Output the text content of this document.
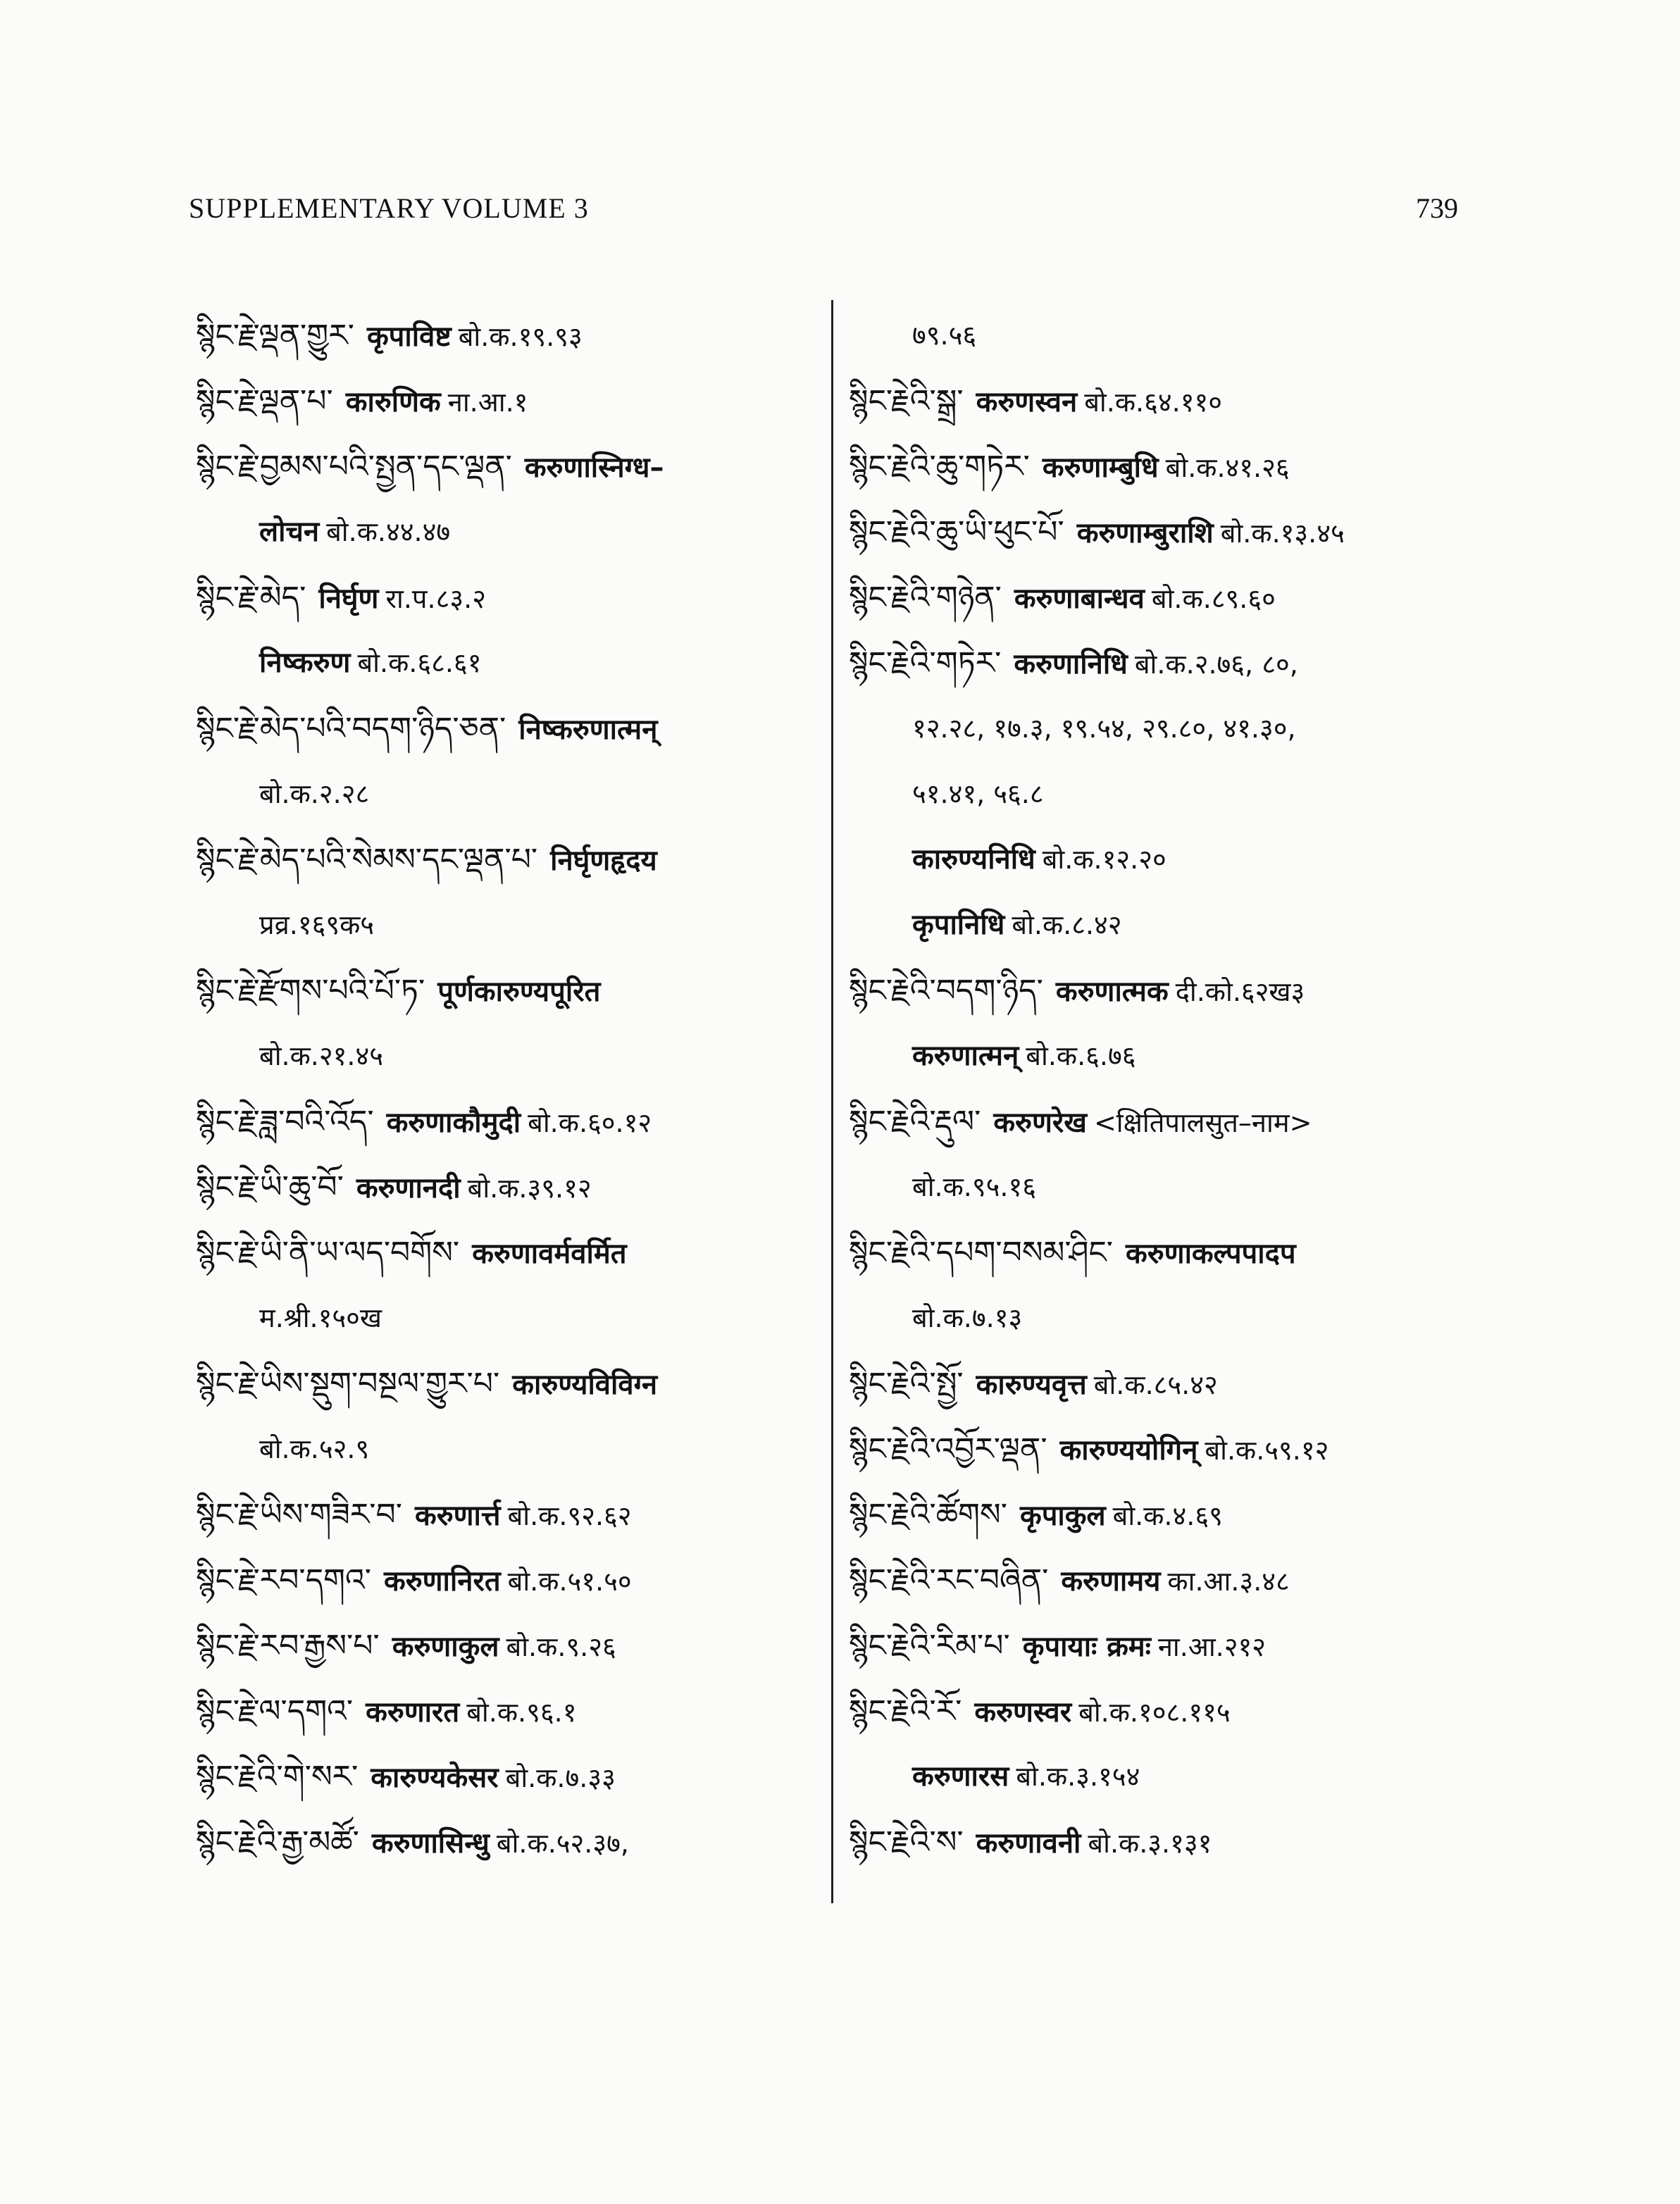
SUPPLEMENTARY VOLUME 3	739
སྙིང་རྗེ་ལྡན་གྱུར་ कृपाविष्ट बो.क.१९.९३
སྙིང་རྗེ་ལྡན་པ་ कारुणिक ना.आ.१
སྙིང་རྗེ་བྱམས་པའི་སྤྱན་དང་ལྡན་ करुणास्निग्ध–
लोचन बो.क.४४.४७
སྙིང་རྗེ་མེད་ निर्घृण रा.प.८३.२
निष्करुण बो.क.६८.६१
སྙིང་རྗེ་མེད་པའི་བདག་ཉིད་ཅན་ निष्करुणात्मन्
बो.क.२.२८
སྙིང་རྗེ་མེད་པའི་སེམས་དང་ལྡན་པ་ निर्घृणहृदय
प्रव्र.१६९क५
སྙིང་རྗེ་རྫོགས་པའི་པོ་ཏ་ पूर्णकारुण्यपूरित
बो.क.२१.४५
སྙིང་རྗེ་ཟླ་བའི་འོད་ करुणाकौमुदी बो.क.६०.१२
སྙིང་རྗེ་ཡི་ཆུ་བོ་ करुणानदी बो.क.३९.१२
སྙིང་རྗེ་ཡི་ནི་ཡ་ལད་བགོས་ करुणावर्मवर्मित
म.श्री.१५०ख
སྙིང་རྗེ་ཡིས་སྡུག་བསྔལ་གྱུར་པ་ कारुण्यविविग्न
बो.क.५२.९
སྙིང་རྗེ་ཡིས་གཟིར་བ་ करुणार्त्त बो.क.९२.६२
སྙིང་རྗེ་རབ་དགའ་ करुणानिरत बो.क.५१.५०
སྙིང་རྗེ་རབ་རྒྱས་པ་ करुणाकुल बो.क.९.२६
སྙིང་རྗེ་ལ་དགའ་ करुणारत बो.क.९६.१
སྙིང་རྗེའི་གེ་སར་ कारुण्यकेसर बो.क.७.३३
སྙིང་རྗེའི་རྒྱ་མཚོ་ करुणासिन्धु बो.क.५२.३७,
७९.५६
སྙིང་རྗེའི་སྒྲ་ करुणस्वन बो.क.६४.११०
སྙིང་རྗེའི་ཆུ་གཏེར་ करुणाम्बुधि बो.क.४१.२६
སྙིང་རྗེའི་ཆུ་ཡི་ཕུང་པོ་ करुणाम्बुराशि बो.क.१३.४५
སྙིང་རྗེའི་གཉེན་ करुणाबान्धव बो.क.८९.६०
སྙིང་རྗེའི་གཏེར་ करुणानिधि बो.क.२.७६, ८०,
१२.२८, १७.३, १९.५४, २९.८०, ४१.३०,
५१.४१, ५६.८
कारुण्यनिधि बो.क.१२.२०
कृपानिधि बो.क.८.४२
སྙིང་རྗེའི་བདག་ཉིད་ करुणात्मक दी.को.६२ख३
करुणात्मन् बो.क.६.७६
སྙིང་རྗེའི་རྡུལ་ करुणरेख <क्षितिपालसुत–नाम>
बो.क.९५.१६
སྙིང་རྗེའི་དཔག་བསམ་ཤིང་ करुणाकल्पपादप
बो.क.७.१३
སྙིང་རྗེའི་སྤྱོ་ कारुण्यवृत्त बो.क.८५.४२
སྙིང་རྗེའི་འབྱོར་ལྡན་ कारुण्ययोगिन् बो.क.५९.१२
སྙིང་རྗེའི་ཚོགས་ कृपाकुल बो.क.४.६९
སྙིང་རྗེའི་རང་བཞིན་ करुणामय का.आ.३.४८
སྙིང་རྗེའི་རིམ་པ་ कृपायाः क्रमः ना.आ.२१२
སྙིང་རྗེའི་རོ་ करुणस्वर बो.क.१०८.११५
करुणारस बो.क.३.१५४
སྙིང་རྗེའི་ས་ करुणावनी बो.क.३.१३१
